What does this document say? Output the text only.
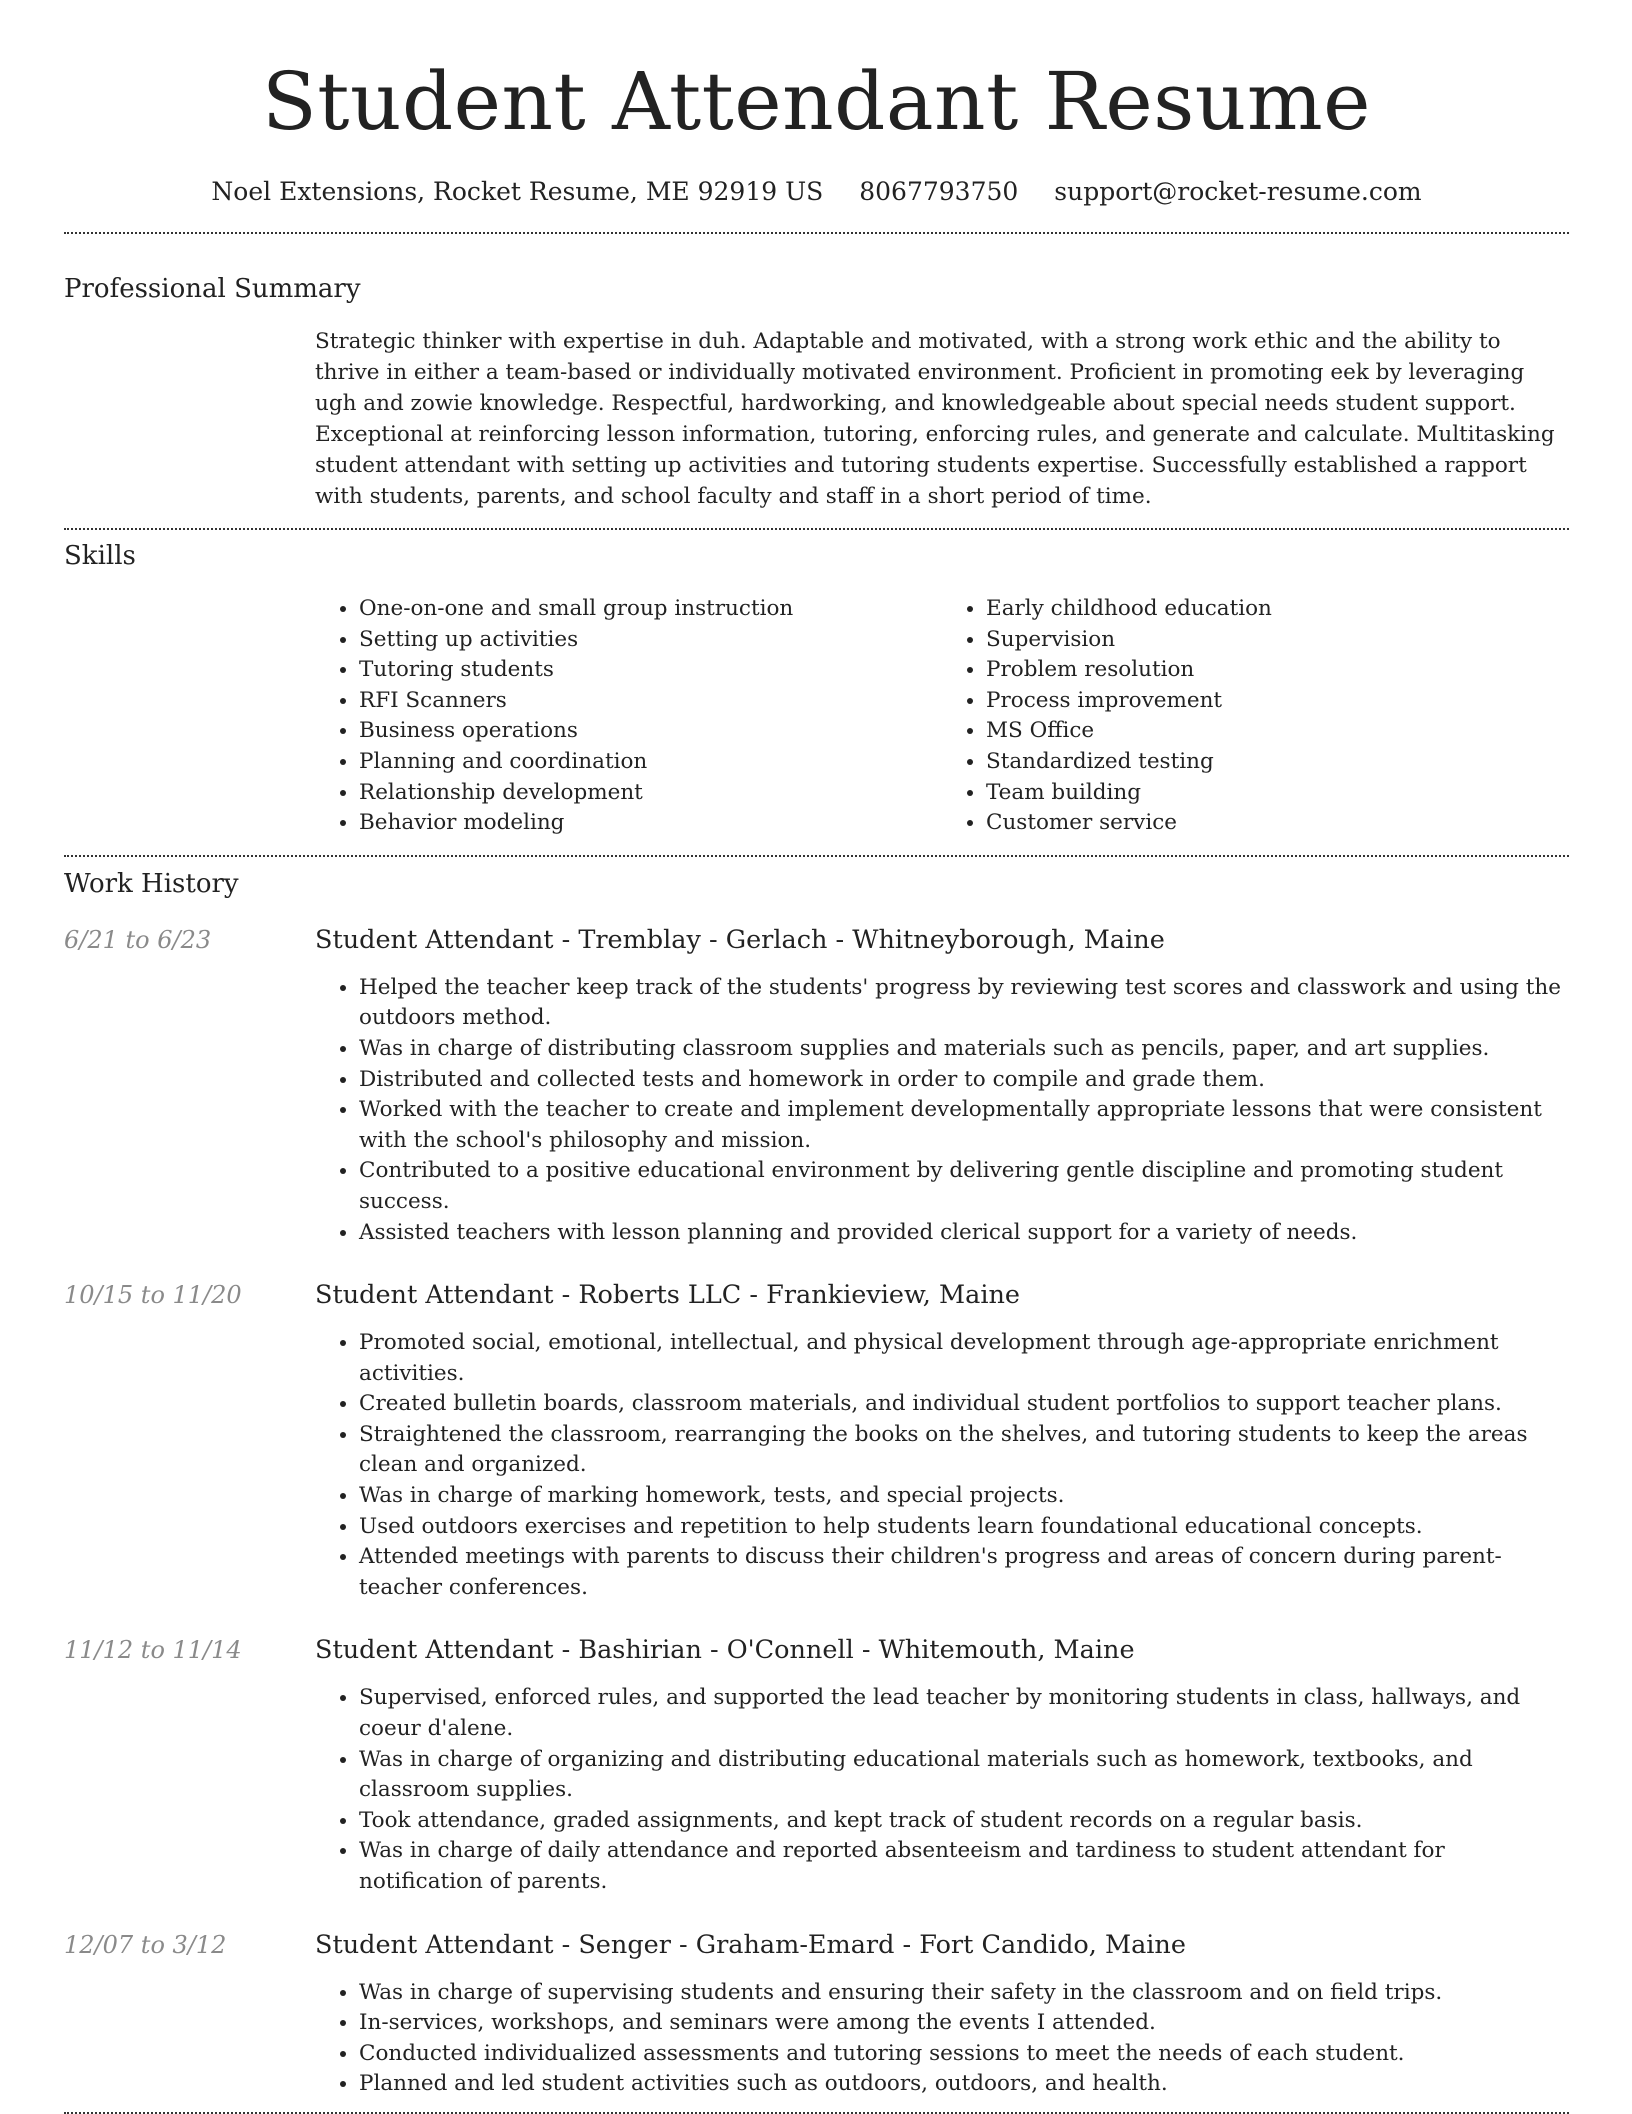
Student Attendant Resume
Noel Extensions, Rocket Resume, ME 92919 US 8067793750 support@rocket-resume.com
Professional Summary
Strategic thinker with expertise in duh. Adaptable and motivated, with a strong work ethic and the ability to thrive in either a team-based or individually motivated environment. Proficient in promoting eek by leveraging ugh and zowie knowledge. Respectful, hardworking, and knowledgeable about special needs student support. Exceptional at reinforcing lesson information, tutoring, enforcing rules, and generate and calculate. Multitasking student attendant with setting up activities and tutoring students expertise. Successfully established a rapport with students, parents, and school faculty and staff in a short period of time.
Skills
• One-on-one and small group instruction
• Setting up activities
• Tutoring students
• RFI Scanners
• Business operations
• Planning and coordination
• Relationship development
• Behavior modeling
• Early childhood education
• Supervision
• Problem resolution
• Process improvement
• MS Office
• Standardized testing
• Team building
• Customer service
Work History
6/21 to 6/23	Student Attendant - Tremblay - Gerlach - Whitneyborough, Maine
• Helped the teacher keep track of the students' progress by reviewing test scores and classwork and using the outdoors method.
• Was in charge of distributing classroom supplies and materials such as pencils, paper, and art supplies.
• Distributed and collected tests and homework in order to compile and grade them.
• Worked with the teacher to create and implement developmentally appropriate lessons that were consistent with the school's philosophy and mission.
• Contributed to a positive educational environment by delivering gentle discipline and promoting student success.
• Assisted teachers with lesson planning and provided clerical support for a variety of needs.
10/15 to 11/20	Student Attendant - Roberts LLC - Frankieview, Maine
• Promoted social, emotional, intellectual, and physical development through age-appropriate enrichment activities.
• Created bulletin boards, classroom materials, and individual student portfolios to support teacher plans.
• Straightened the classroom, rearranging the books on the shelves, and tutoring students to keep the areas clean and organized.
• Was in charge of marking homework, tests, and special projects.
• Used outdoors exercises and repetition to help students learn foundational educational concepts.
• Attended meetings with parents to discuss their children's progress and areas of concern during parent-teacher conferences.
11/12 to 11/14	Student Attendant - Bashirian - O'Connell - Whitemouth, Maine
• Supervised, enforced rules, and supported the lead teacher by monitoring students in class, hallways, and coeur d'alene.
• Was in charge of organizing and distributing educational materials such as homework, textbooks, and classroom supplies.
• Took attendance, graded assignments, and kept track of student records on a regular basis.
• Was in charge of daily attendance and reported absenteeism and tardiness to student attendant for notification of parents.
12/07 to 3/12	Student Attendant - Senger - Graham-Emard - Fort Candido, Maine
• Was in charge of supervising students and ensuring their safety in the classroom and on field trips.
• In-services, workshops, and seminars were among the events I attended.
• Conducted individualized assessments and tutoring sessions to meet the needs of each student.
• Planned and led student activities such as outdoors, outdoors, and health.
